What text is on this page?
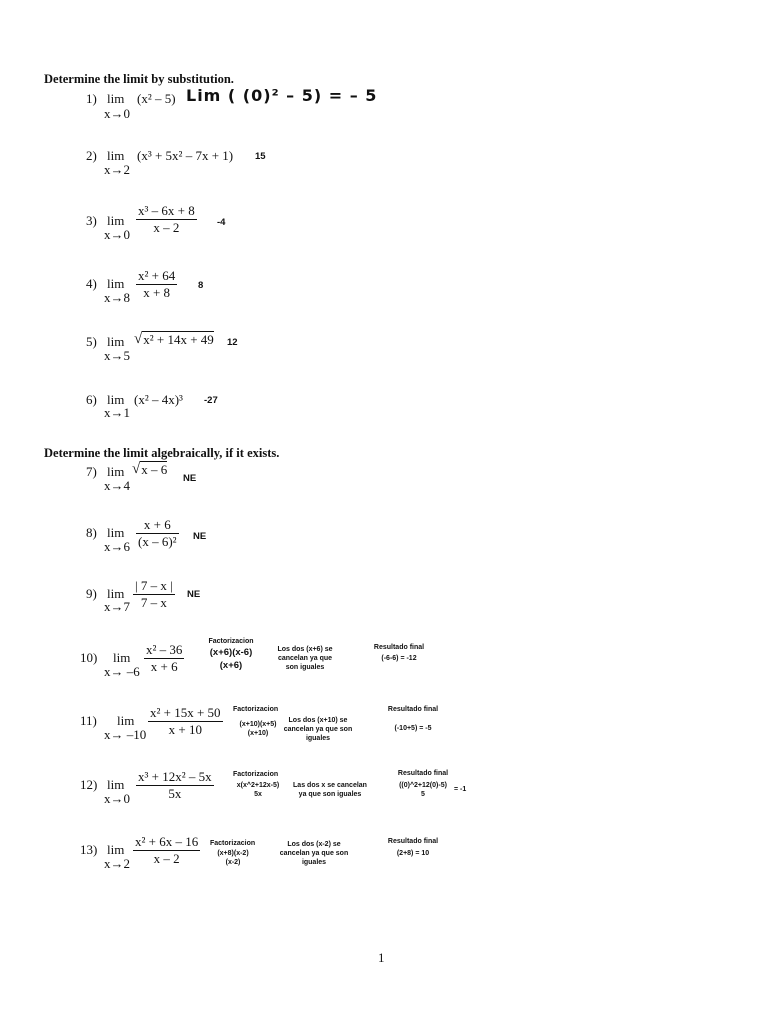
Determine the limit by substitution.
1) lim
x→0
(x² – 5) Lim ( (0)² – 5) = – 5
2) lim
x→2
(x³ + 5x² – 7x + 1) 15
3) lim
x→0
x³ – 6x + 8
x – 2	-4
4) lim
x→8
x² + 64
x + 8	8
5) lim
x→5
√ x² + 14x + 49 12
6) lim
x→1
(x² – 4x)³ -27
Determine the limit algebraically, if it exists.
7) lim
x→4
√ x – 6
NE
8) lim
x→6
x + 6
(x – 6)² NE
9) lim
x→7
| 7 – x |
7 – x
NE
10) lim
x→ –6
x² – 36
x + 6
Factorizacion
(x+6)(x-6)
(x+6)
Los dos (x+6) se
cancelan ya que
son iguales
Resultado final
(-6-6) = -12
11) lim
x→ –10
x² + 15x + 50
x + 10
Factorizacion
(x+10)(x+5)
(x+10)
Los dos (x+10) se
cancelan ya que son
iguales
Resultado final
(-10+5) = -5
12) lim
x→0
x³ + 12x² – 5x
5x
Factorizacion
x(x^2+12x-5)
5x
Las dos x se cancelan
ya que son iguales
Resultado final
((0)^2+12(0)-5)
5
= -1
13) lim
x→2
x² + 6x – 16
x – 2
Factorizacion
(x+8)(x-2)
(x-2)
Los dos (x-2) se
cancelan ya que son
iguales
Resultado final
(2+8) = 10
1
